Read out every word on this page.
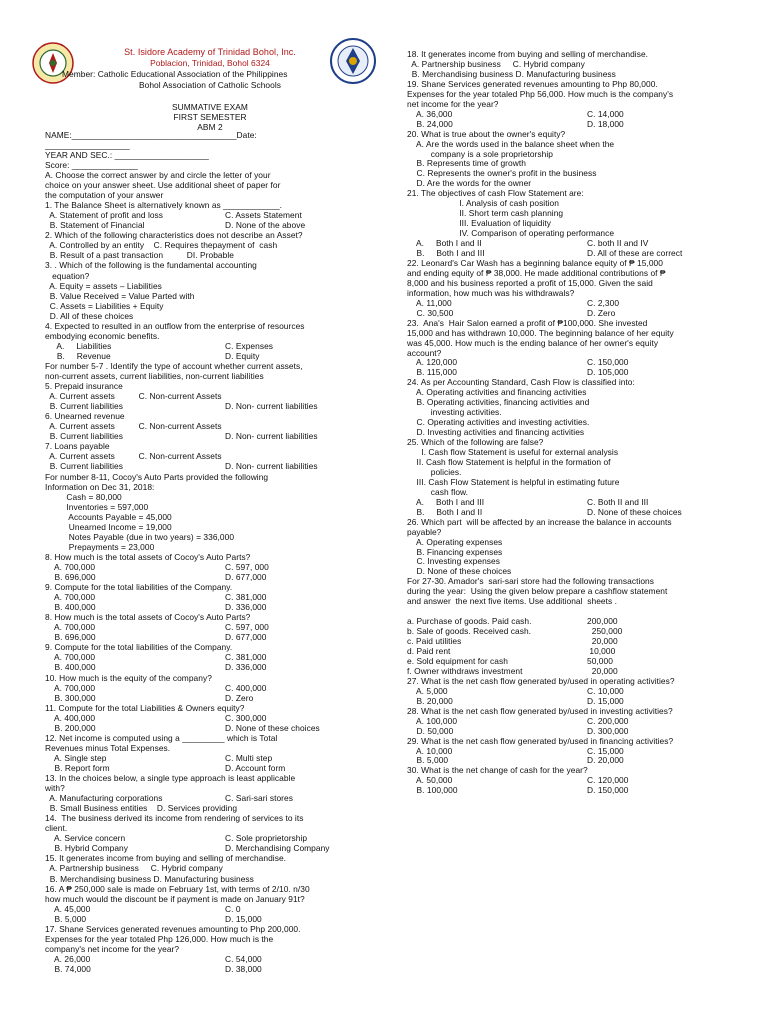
St. Isidore Academy of Trinidad Bohol, Inc.
Poblacion, Trinidad, Bohol 6324
Member: Catholic Educational Association of the Philippines
Bohol Association of Catholic Schools
SUMMATIVE EXAM
FIRST SEMESTER
ABM 2
NAME:___________________________________Date:
__________________
YEAR AND SEC.: ____________________
Score: ______________
A. Choose the correct answer by and circle the letter of your
choice on your answer sheet. Use additional sheet of paper for
the computation of your answer
1. The Balance Sheet is alternatively known as ____________.
A. Statement of profit and loss	C. Assets Statement
B. Statement of Financial	D. None of the above
2. Which of the following characteristics does not describe an Asset?
A. Controlled by an entity    C. Requires thepayment of  cash
B. Result of a past transaction          DI. Probable
3. . Which of the following is the fundamental accounting
equation?
A. Equity = assets – Liabilities
B. Value Received = Value Parted with
C. Assets = Liabilities + Equity
D. All of these choices
4. Expected to resulted in an outflow from the enterprise of resources
embodying economic benefits.
A.     Liabilities	C. Expenses
B.     Revenue	D. Equity
For number 5-7 . Identify the type of account whether current assets,
non-current assets, current liabilities, non-current liabilities
5. Prepaid insurance
A. Current assets          C. Non-current Assets
B. Current liabilities	D. Non- current liabilities
6. Unearned revenue
A. Current assets          C. Non-current Assets
B. Current liabilities	D. Non- current liabilities
7. Loans payable
A. Current assets          C. Non-current Assets
B. Current liabilities	D. Non- current liabilities
For number 8-11, Cocoy's Auto Parts provided the following
Information on Dec 31, 2018:
Cash = 80,000
Inventories = 597,000
Accounts Payable = 45,000
Unearned Income = 19,000
Notes Payable (due in two years) = 336,000
Prepayments = 23,000
8. How much is the total assets of Cocoy's Auto Parts?
A. 700,000	C. 597, 000
B. 696,000	D. 677,000
9. Compute for the total liabilities of the Company.
A. 700,000	C. 381,000
B. 400,000	D. 336,000
8. How much is the total assets of Cocoy's Auto Parts?
A. 700,000	C. 597, 000
B. 696,000	D. 677,000
9. Compute for the total liabilities of the Company.
A. 700,000	C. 381,000
B. 400,000	D. 336,000
10. How much is the equity of the company?
A. 700,000	C. 400,000
B. 300,000	D. Zero
11. Compute for the total Liabilities & Owners equity?
A. 400,000	C. 300,000
B. 200,000	D. None of these choices
12. Net income is computed using a _________ which is Total
Revenues minus Total Expenses.
A. Single step	C. Multi step
B. Report form	D. Account form
13. In the choices below, a single type approach is least applicable
with?
A. Manufacturing corporations	C. Sari-sari stores
B. Small Business entities    D. Services providing
14.  The business derived its income from rendering of services to its
client.
A. Service concern	C. Sole proprietorship
B. Hybrid Company	D. Merchandising Company
15. It generates income from buying and selling of merchandise.
A. Partnership business     C. Hybrid company
B. Merchandising business D. Manufacturing business
16. A ₱ 250,000 sale is made on February 1st, with terms of 2/10. n/30
how much would the discount be if payment is made on January 91t?
A. 45,000	C. 0
B. 5,000	D. 15,000
17. Shane Services generated revenues amounting to Php 200,000.
Expenses for the year totaled Php 126,000. How much is the
company's net income for the year?
A. 26,000	C. 54,000
B. 74,000	D. 38,000
18. It generates income from buying and selling of merchandise.
A. Partnership business     C. Hybrid company
B. Merchandising business D. Manufacturing business
19. Shane Services generated revenues amounting to Php 80,000.
Expenses for the year totaled Php 56,000. How much is the company's
net income for the year?
A. 36,000	C. 14,000
B. 24,000	D. 18,000
20. What is true about the owner's equity?
A. Are the words used in the balance sheet when the
company is a sole proprietorship
B. Represents time of growth
C. Represents the owner's profit in the business
D. Are the words for the owner
21. The objectives of cash Flow Statement are:
I. Analysis of cash position
II. Short term cash planning
III. Evaluation of liquidity
IV. Comparison of operating performance
A.     Both I and II	C. both II and IV
B.     Both I and III	D. All of these are correct
22. Leonard's Car Wash has a beginning balance equity of ₱ 15,000
and ending equity of ₱ 38,000. He made additional contributions of ₱
8,000 and his business reported a profit of 15,000. Given the said
information, how much was his withdrawals?
A. 11,000	C. 2,300
C. 30,500	D. Zero
23.  Ana's  Hair Salon earned a profit of ₱100,000. She invested
15,000 and has withdrawn 10,000. The beginning balance of her equity
was 45,000. How much is the ending balance of her owner's equity
account?
A. 120,000	C. 150,000
B. 115,000	D. 105,000
24. As per Accounting Standard, Cash Flow is classified into:
A. Operating activities and financing activities
B. Operating activities, financing activities and
investing activities.
C. Operating activities and investing activities.
D. Investing activities and financing activities
25. Which of the following are false?
I. Cash flow Statement is useful for external analysis
II. Cash flow Statement is helpful in the formation of
policies.
III. Cash Flow Statement is helpful in estimating future
cash flow.
A.     Both I and III	C. Both II and III
B.     Both I and II	D. None of these choices
26. Which part  will be affected by an increase the balance in accounts
payable?
A. Operating expenses
B. Financing expenses
C. Investing expenses
D. None of these choices
For 27-30. Amador's  sari-sari store had the following transactions
during the year:  Using the given below prepare a cashflow statement
and answer  the next five items. Use additional  sheets .
a. Purchase of goods. Paid cash.	200,000
b. Sale of goods. Received cash.	250,000
c. Paid utilities	20,000
d. Paid rent	10,000
e. Sold equipment for cash	50,000
f. Owner withdraws investment	20,000
27. What is the net cash flow generated by/used in operating activities?
A. 5,000	C. 10,000
B. 20,000	D. 15,000
28. What is the net cash flow generated by/used in investing activities?
A. 100,000	C. 200,000
D. 50,000	D. 300,000
29. What is the net cash flow generated by/used in financing activities?
A. 10,000	C. 15,000
B. 5,000	D. 20,000
30. What is the net change of cash for the year?
A. 50,000	C. 120,000
B. 100,000	D. 150,000
